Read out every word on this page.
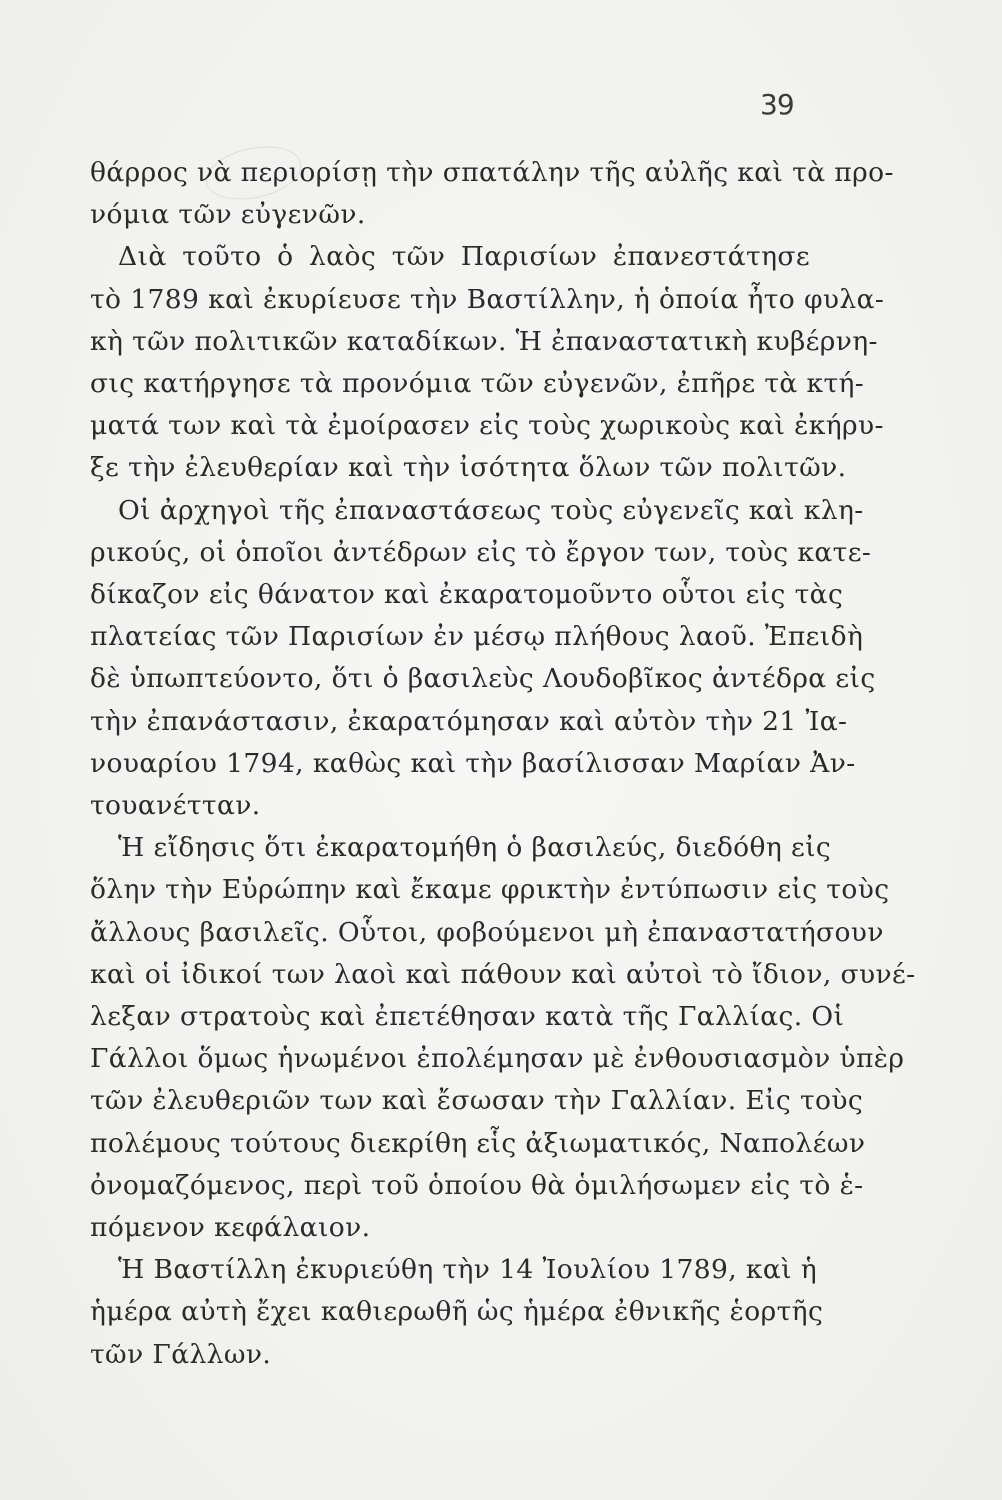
39

θάρρος νὰ περιορίσῃ τὴν σπατάλην τῆς αὐλῆς καὶ τὰ προ-
νόμια τῶν εὐγενῶν.

Διὰ τοῦτο ὁ λαὸς τῶν Παρισίων ἐπανεστάτησε
τὸ 1789 καὶ ἐκυρίευσε τὴν Βαστίλλην, ἡ ὁποία ἦτο φυλα-
κὴ τῶν πολιτικῶν καταδίκων. Ἡ ἐπαναστατικὴ κυβέρνη-
σις κατήργησε τὰ προνόμια τῶν εὐγενῶν, ἐπῆρε τὰ κτή-
ματά των καὶ τὰ ἐμοίρασεν εἰς τοὺς χωρικοὺς καὶ ἐκήρυ-
ξε τὴν ἐλευθερίαν καὶ τὴν ἰσότητα ὅλων τῶν πολιτῶν.

Οἱ ἀρχηγοὶ τῆς ἐπαναστάσεως τοὺς εὐγενεῖς καὶ κλη-
ρικούς, οἱ ὁποῖοι ἀντέδρων εἰς τὸ ἔργον των, τοὺς κατε-
δίκαζον εἰς θάνατον καὶ ἐκαρατομοῦντο οὗτοι εἰς τὰς
πλατείας τῶν Παρισίων ἐν μέσῳ πλήθους λαοῦ. Ἐπειδὴ
δὲ ὑπωπτεύοντο, ὅτι ὁ βασιλεὺς Λουδοβῖκος ἀντέδρα εἰς
τὴν ἐπανάστασιν, ἐκαρατόμησαν καὶ αὐτὸν τὴν 21 Ἰα-
νουαρίου 1794, καθὼς καὶ τὴν βασίλισσαν Μαρίαν Ἀν-
τουανέτταν.

Ἡ εἴδησις ὅτι ἐκαρατομήθη ὁ βασιλεύς, διεδόθη εἰς
ὅλην τὴν Εὐρώπην καὶ ἔκαμε φρικτὴν ἐντύπωσιν εἰς τοὺς
ἄλλους βασιλεῖς. Οὗτοι, φοβούμενοι μὴ ἐπαναστατήσουν
καὶ οἱ ἰδικοί των λαοὶ καὶ πάθουν καὶ αὐτοὶ τὸ ἴδιον, συνέ-
λεξαν στρατοὺς καὶ ἐπετέθησαν κατὰ τῆς Γαλλίας. Οἱ
Γάλλοι ὅμως ἡνωμένοι ἐπολέμησαν μὲ ἐνθουσιασμὸν ὑπὲρ
τῶν ἐλευθεριῶν των καὶ ἔσωσαν τὴν Γαλλίαν. Εἰς τοὺς
πολέμους τούτους διεκρίθη εἷς ἀξιωματικός, Ναπολέων
ὀνομαζόμενος, περὶ τοῦ ὁποίου θὰ ὁμιλήσωμεν εἰς τὸ ἑ-
πόμενον κεφάλαιον.

Ἡ Βαστίλλη ἐκυριεύθη τὴν 14 Ἰουλίου 1789, καὶ ἡ
ἡμέρα αὐτὴ ἔχει καθιερωθῆ ὡς ἡμέρα ἐθνικῆς ἑορτῆς
τῶν Γάλλων.
